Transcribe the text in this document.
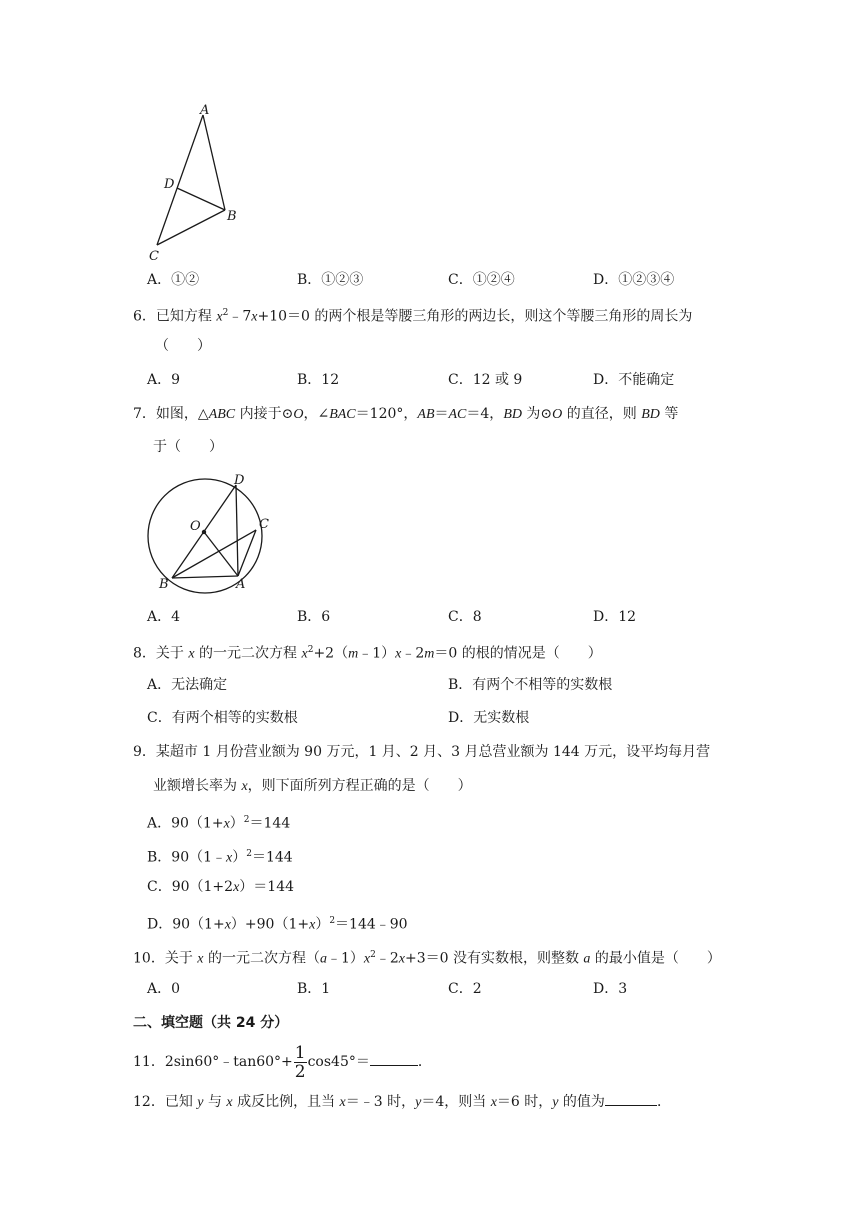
A
D
B
C
A．①②	B．①②③	C．①②④	D．①②③④
6．已知方程 $x^2﹣7x+10=0$ 的两个根是等腰三角形的两边长，则这个等腰三角形的周长为
（　　）
A．9	B．12	C．12 或 9	D．不能确定
7．如图，△ABC 内接于⊙O，∠BAC＝120°，AB＝AC＝4，BD 为⊙O 的直径，则 BD 等
于（　　）
D
O	C
B	A
A．4	B．6	C．8	D．12
8．关于 x 的一元二次方程 $x^2+2(m﹣1)x﹣2m=0$ 的根的情况是（　　）
A．无法确定	B．有两个不相等的实数根
C．有两个相等的实数根	D．无实数根
9．某超市 1 月份营业额为 90 万元，1 月、2 月、3 月总营业额为 144 万元，设平均每月营
业额增长率为 x，则下面所列方程正确的是（　　）
A．$90(1+x)^2=144$
B．90（1﹣x）$^2$＝144
C．90（1+2x）＝144
D．$90(1+x)+90(1+x)^2=144﹣90$
10．关于 x 的一元二次方程$(a﹣1)x^2﹣2x+3=0$ 没有实数根，则整数 a 的最小值是（　　）
A．0	B．1	C．2	D．3
二、填空题（共 24 分）
11．2sin60°﹣tan60°+ $\frac{1}{2} \cos 45^\circ=$	．
12．已知 y 与 x 成反比例，且当 x＝﹣3 时，y＝4，则当 x＝6 时，y 的值为	．
